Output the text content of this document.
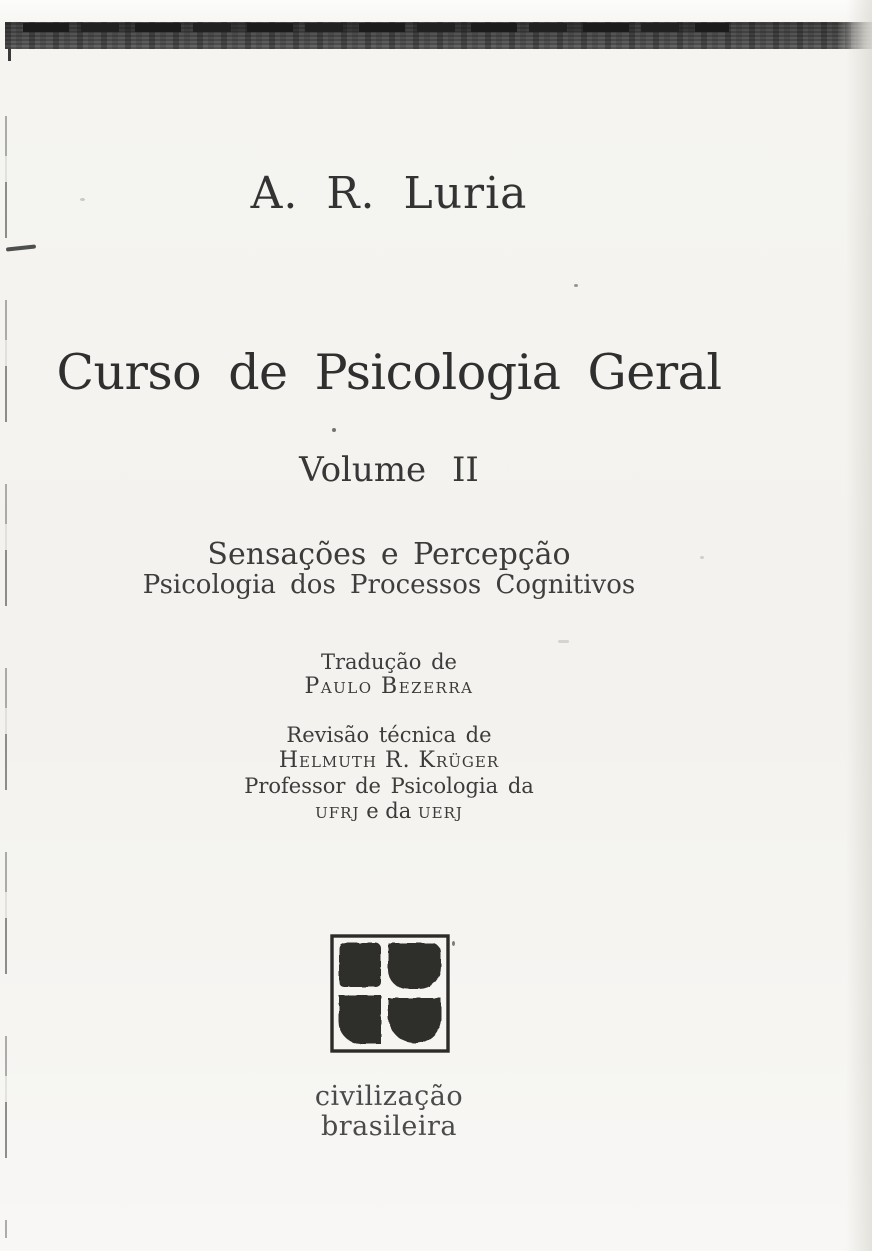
A. R. Luria
Curso de Psicologia Geral
Volume II
Sensações e Percepção
Psicologia dos Processos Cognitivos
Tradução de
Paulo Bezerra
Revisão técnica de
Helmuth R. Krüger
Professor de Psicologia da
ufrj e da uerj
civilização
brasileira
